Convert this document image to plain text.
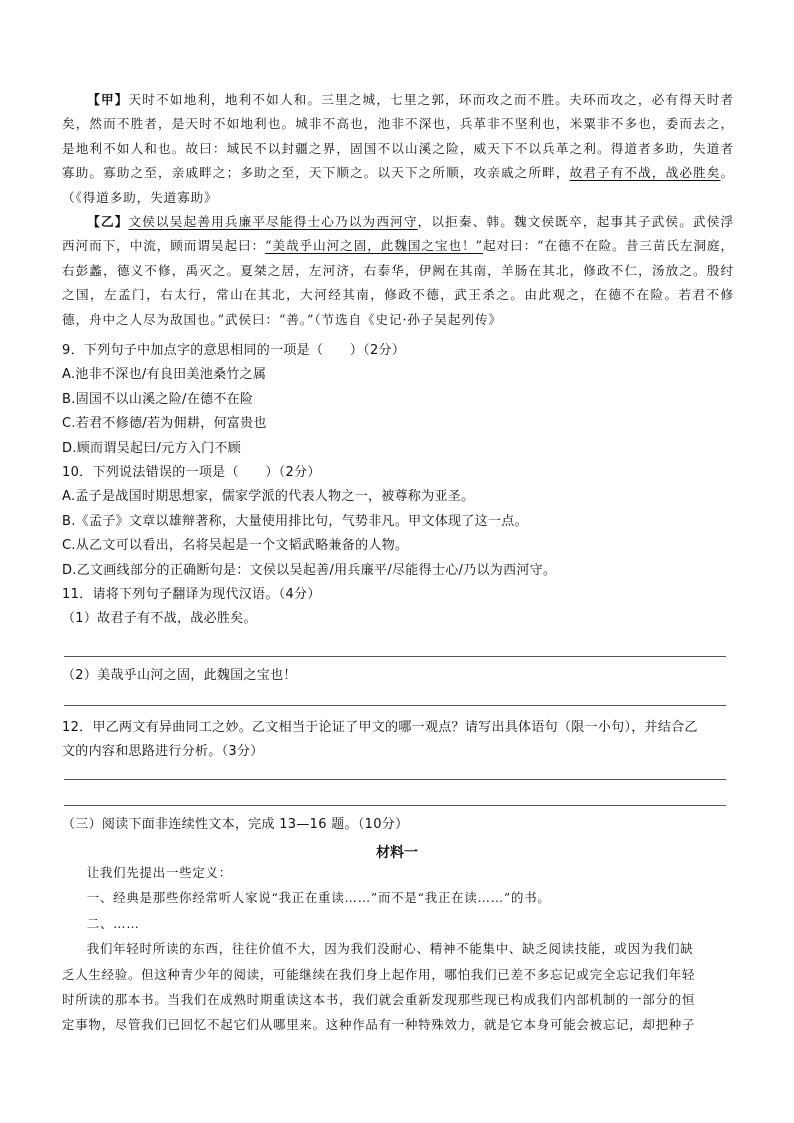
【甲】天时不如地利，地利不如人和。三里之城，七里之郭，环而攻之而不胜。夫环而攻之，必有得天时者矣，然而不胜者，是天时不如地利也。城非不高也，池非不深也，兵革非不坚利也，米粟非不多也，委而去之，是地利不如人和也。故曰：域民不以封疆之界，固国不以山溪之险，威天下不以兵革之利。得道者多助，失道者寡助。寡助之至，亲戚畔之；多助之至，天下顺之。以天下之所顺，攻亲戚之所畔，故君子有不战，战必胜矣。（《得道多助，失道寡助》

【乙】文侯以吴起善用兵廉平尽能得士心乃以为西河守，以拒秦、韩。魏文侯既卒，起事其子武侯。武侯浮西河而下，中流，顾而谓吴起曰：“美哉乎山河之固，此魏国之宝也！”起对曰：“在德不在险。昔三苗氏左洞庭，右彭蠡，德义不修，禹灭之。夏桀之居，左河济，右泰华，伊阙在其南，羊肠在其北，修政不仁，汤放之。殷纣之国，左孟门，右太行，常山在其北，大河经其南，修政不德，武王杀之。由此观之，在德不在险。若君不修德，舟中之人尽为敌国也。”武侯曰：“善。”（节选自《史记·孙子吴起列传》

9．下列句子中加点字的意思相同的一项是（　　）（2分）
A.池非不深也/有良田美池桑竹之属
B.固国不以山溪之险/在德不在险
C.若君不修德/若为佣耕，何富贵也
D.顾而谓吴起曰/元方入门不顾
10．下列说法错误的一项是（　　）（2分）
A.孟子是战国时期思想家，儒家学派的代表人物之一，被尊称为亚圣。
B.《孟子》文章以雄辩著称，大量使用排比句，气势非凡。甲文体现了这一点。
C.从乙文可以看出，名将吴起是一个文韬武略兼备的人物。
D.乙文画线部分的正确断句是：文侯以吴起善/用兵廉平/尽能得士心/乃以为西河守。
11．请将下列句子翻译为现代汉语。（4分）
（1）故君子有不战，战必胜矣。
（2）美哉乎山河之固，此魏国之宝也！
12．甲乙两文有异曲同工之妙。乙文相当于论证了甲文的哪一观点？请写出具体语句（限一小句），并结合乙
文的内容和思路进行分析。（3分）
（三）阅读下面非连续性文本，完成 13—16 题。（10分）
材料一
让我们先提出一些定义：
一、经典是那些你经常听人家说“我正在重读……”而不是“我正在读……”的书。
二、……
我们年轻时所读的东西，往往价值不大，因为我们没耐心、精神不能集中、缺乏阅读技能，或因为我们缺
乏人生经验。但这种青少年的阅读，可能继续在我们身上起作用，哪怕我们已差不多忘记或完全忘记我们年轻
时所读的那本书。当我们在成熟时期重读这本书，我们就会重新发现那些现已构成我们内部机制的一部分的恒
定事物，尽管我们已回忆不起它们从哪里来。这种作品有一种特殊效力，就是它本身可能会被忘记，却把种子
